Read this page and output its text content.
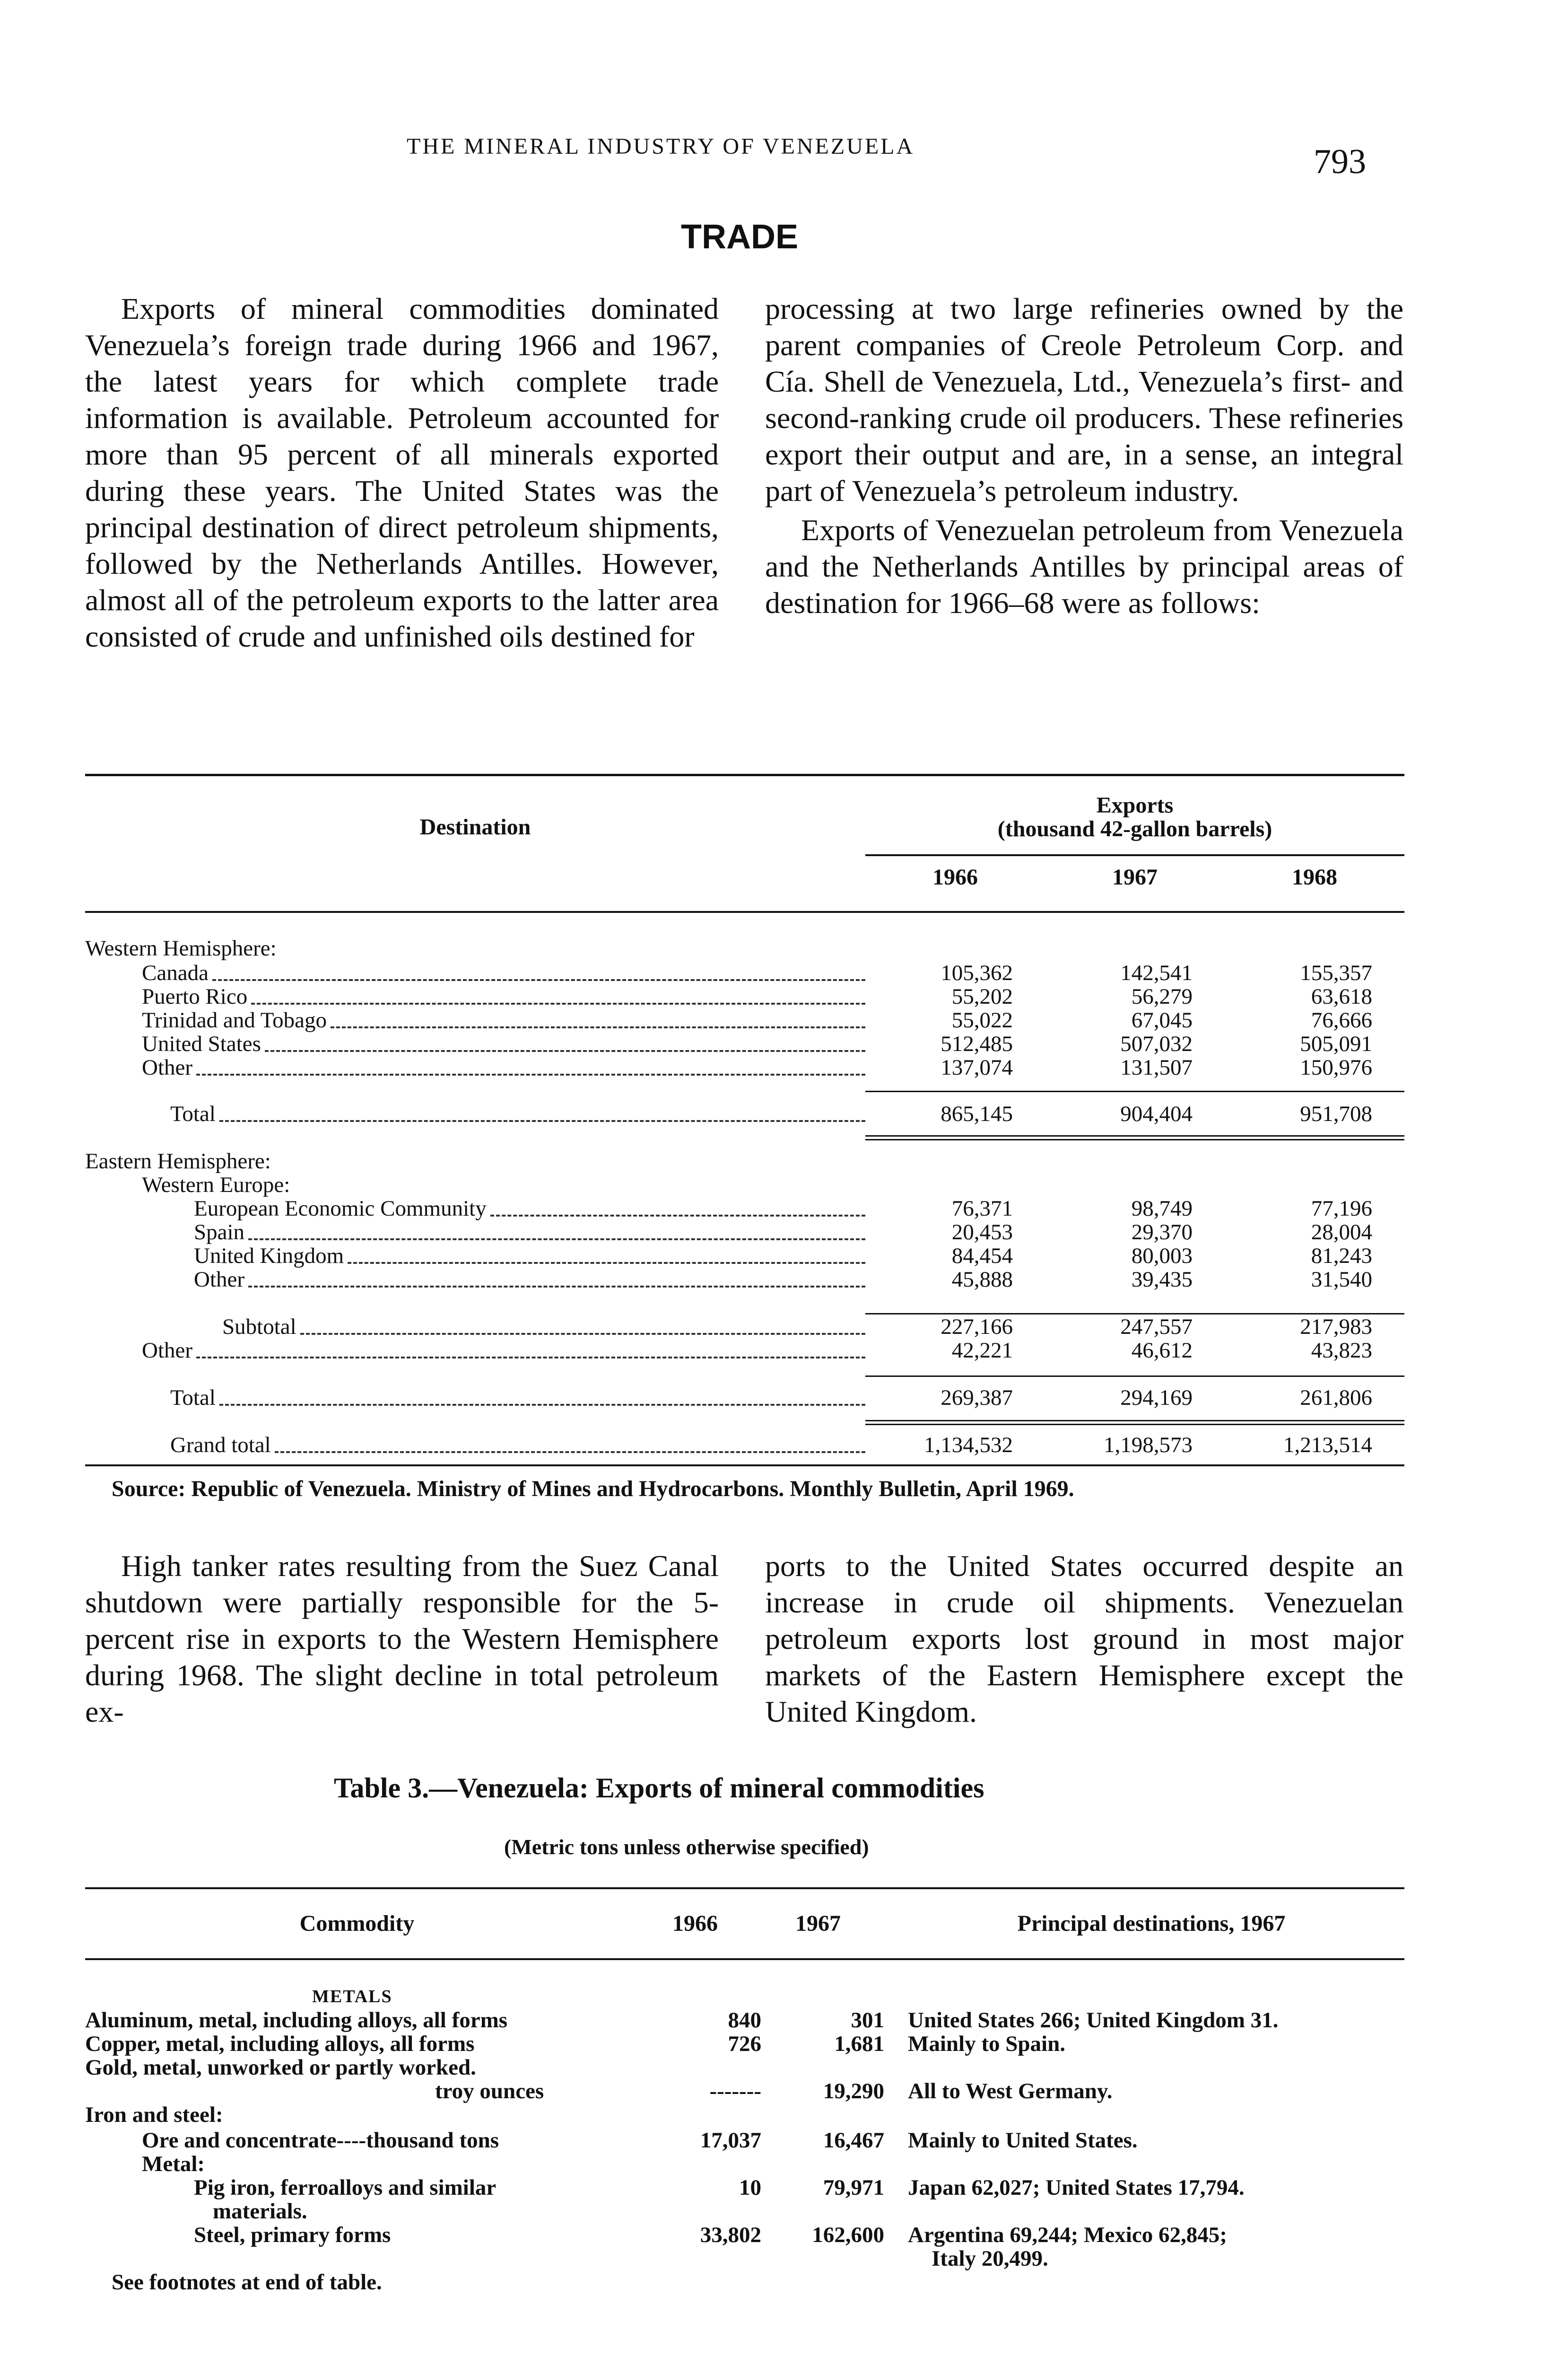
THE MINERAL INDUSTRY OF VENEZUELA	793
TRADE

Exports of mineral commodities dominated Venezuela’s foreign trade during 1966 and 1967, the latest years for which complete trade information is available. Petroleum accounted for more than 95 percent of all minerals exported during these years. The United States was the principal destination of direct petroleum shipments, followed by the Netherlands Antilles. However, almost all of the petroleum exports to the latter area consisted of crude and unfinished oils destined for

processing at two large refineries owned by the parent companies of Creole Petroleum Corp. and Cía. Shell de Venezuela, Ltd., Venezuela’s first- and second-ranking crude oil producers. These refineries export their output and are, in a sense, an integral part of Venezuela’s petroleum industry.

Exports of Venezuelan petroleum from Venezuela and the Netherlands Antilles by principal areas of destination for 1966–68 were as follows:

Destination
Exports
(thousand 42-gallon barrels)
1966	1967	1968
Western Hemisphere:
Canada	105,362	142,541	155,357
Puerto Rico	55,202	56,279	63,618
Trinidad and Tobago	55,022	67,045	76,666
United States	512,485	507,032	505,091
Other	137,074	131,507	150,976
Total	865,145	904,404	951,708
Eastern Hemisphere:
Western Europe:
European Economic Community	76,371	98,749	77,196
Spain	20,453	29,370	28,004
United Kingdom	84,454	80,003	81,243
Other	45,888	39,435	31,540
Subtotal	227,166	247,557	217,983
Other	42,221	46,612	43,823
Total	269,387	294,169	261,806
Grand total	1,134,532	1,198,573	1,213,514
Source: Republic of Venezuela. Ministry of Mines and Hydrocarbons. Monthly Bulletin, April 1969.

High tanker rates resulting from the Suez Canal shutdown were partially responsible for the 5-percent rise in exports to the Western Hemisphere during 1968. The slight decline in total petroleum ex-

ports to the United States occurred despite an increase in crude oil shipments. Venezuelan petroleum exports lost ground in most major markets of the Eastern Hemisphere except the United Kingdom.

Table 3.—Venezuela: Exports of mineral commodities
(Metric tons unless otherwise specified)
Commodity	1966	1967	Principal destinations, 1967
METALS
Aluminum, metal, including alloys, all forms	840	301 United States 266; United Kingdom 31.
Copper, metal, including alloys, all forms	726	1,681 Mainly to Spain.
Gold, metal, unworked or partly worked.
troy ounces	-------	19,290 All to West Germany.
Iron and steel:
Ore and concentrate----thousand tons	17,037	16,467 Mainly to United States.
Metal:
Pig iron, ferroalloys and similar	10	79,971 Japan 62,027; United States 17,794.
materials.
Steel, primary forms	33,802	162,600 Argentina 69,244; Mexico 62,845;
Italy 20,499.
See footnotes at end of table.
